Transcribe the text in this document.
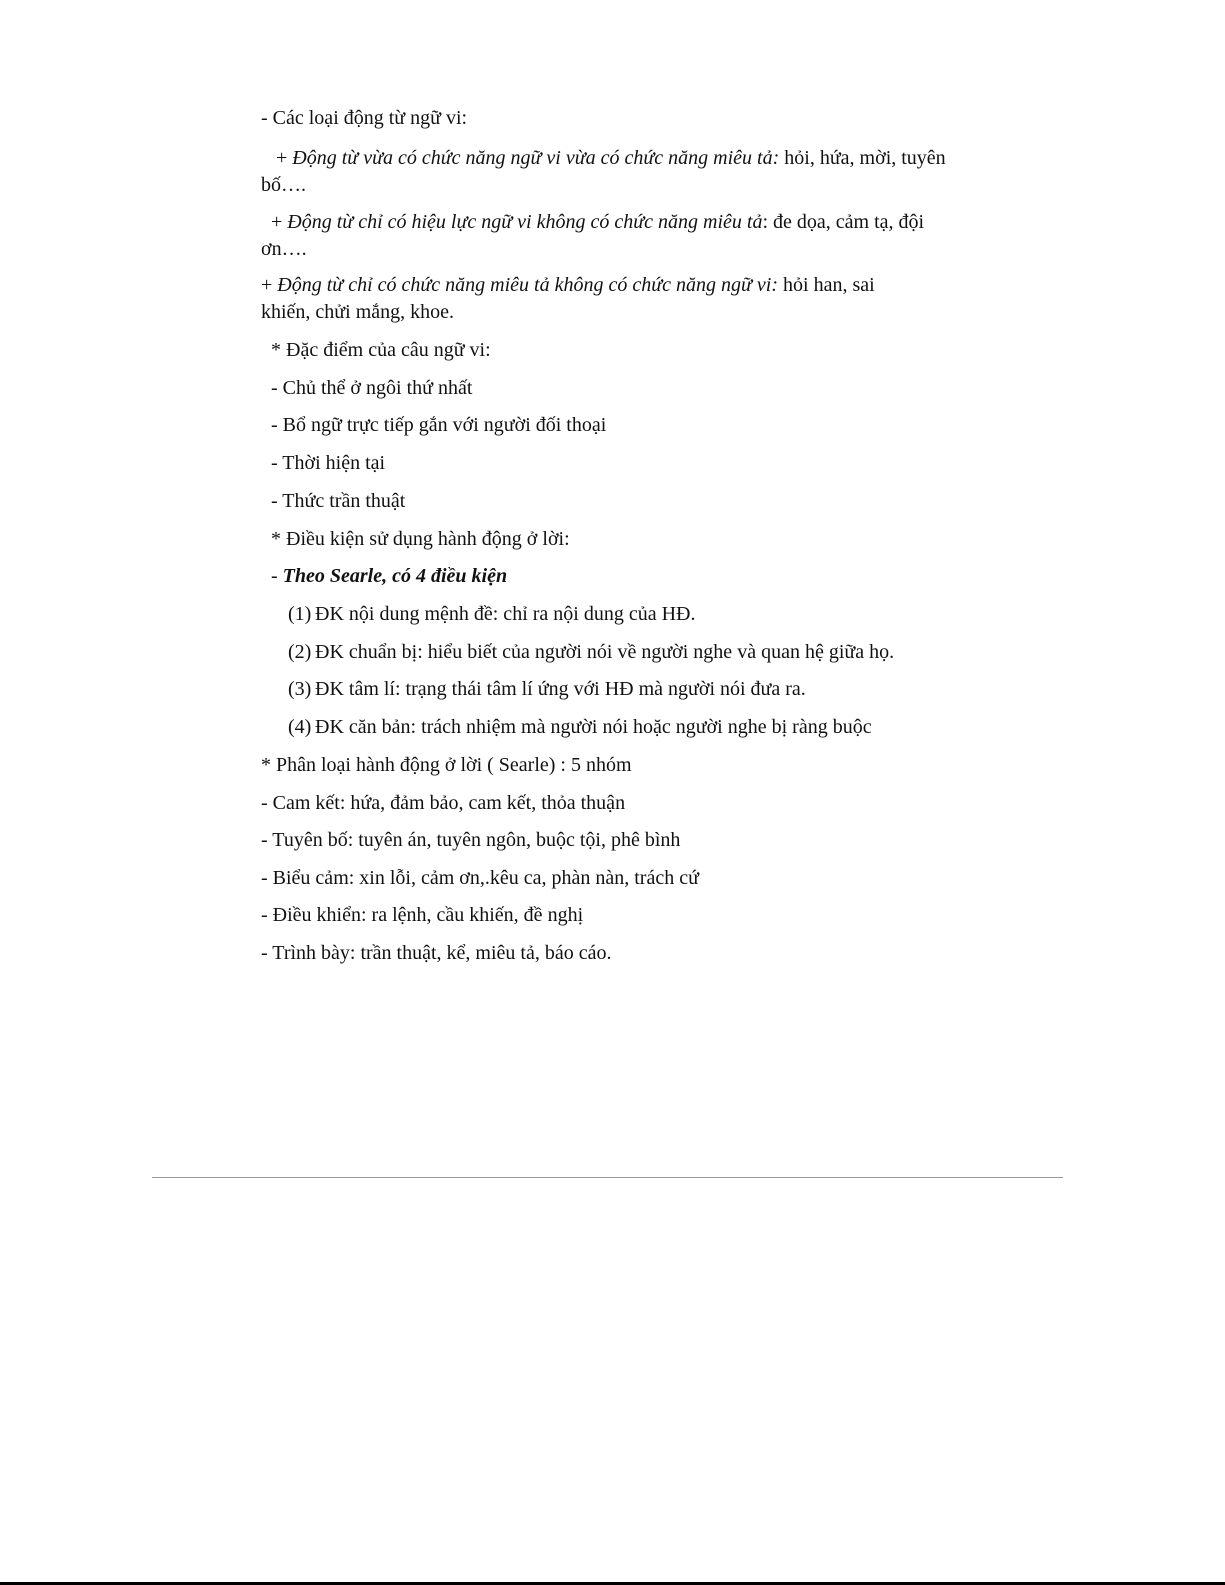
- Các loại động từ ngữ vi:

+ Động từ vừa có chức năng ngữ vi vừa có chức năng miêu tả: hỏi, hứa, mời, tuyên bố….

+ Động từ chỉ có hiệu lực ngữ vi không có chức năng miêu tả: đe dọa, cảm tạ, đội ơn….

+ Động từ chỉ có chức năng miêu tả không có chức năng ngữ vi: hỏi han, sai khiến, chửi mắng, khoe.

* Đặc điểm của câu ngữ vi:

- Chủ thể ở ngôi thứ nhất

- Bổ ngữ trực tiếp gắn với người đối thoại

- Thời hiện tại

- Thức trần thuật

* Điều kiện sử dụng hành động ở lời:

- Theo Searle, có 4 điều kiện

(1) ĐK nội dung mệnh đề: chỉ ra nội dung của HĐ.
(2) ĐK chuẩn bị: hiểu biết của người nói về người nghe và quan hệ giữa họ.
(3) ĐK tâm lí: trạng thái tâm lí ứng với HĐ mà người nói đưa ra.
(4) ĐK căn bản: trách nhiệm mà người nói hoặc người nghe bị ràng buộc

* Phân loại hành động ở lời ( Searle) : 5 nhóm

- Cam kết: hứa, đảm bảo, cam kết, thỏa thuận

- Tuyên bố: tuyên án, tuyên ngôn, buộc tội, phê bình

- Biểu cảm: xin lỗi, cảm ơn,.kêu ca, phàn nàn, trách cứ

- Điều khiển: ra lệnh, cầu khiến, đề nghị

- Trình bày: trần thuật, kể, miêu tả, báo cáo.
